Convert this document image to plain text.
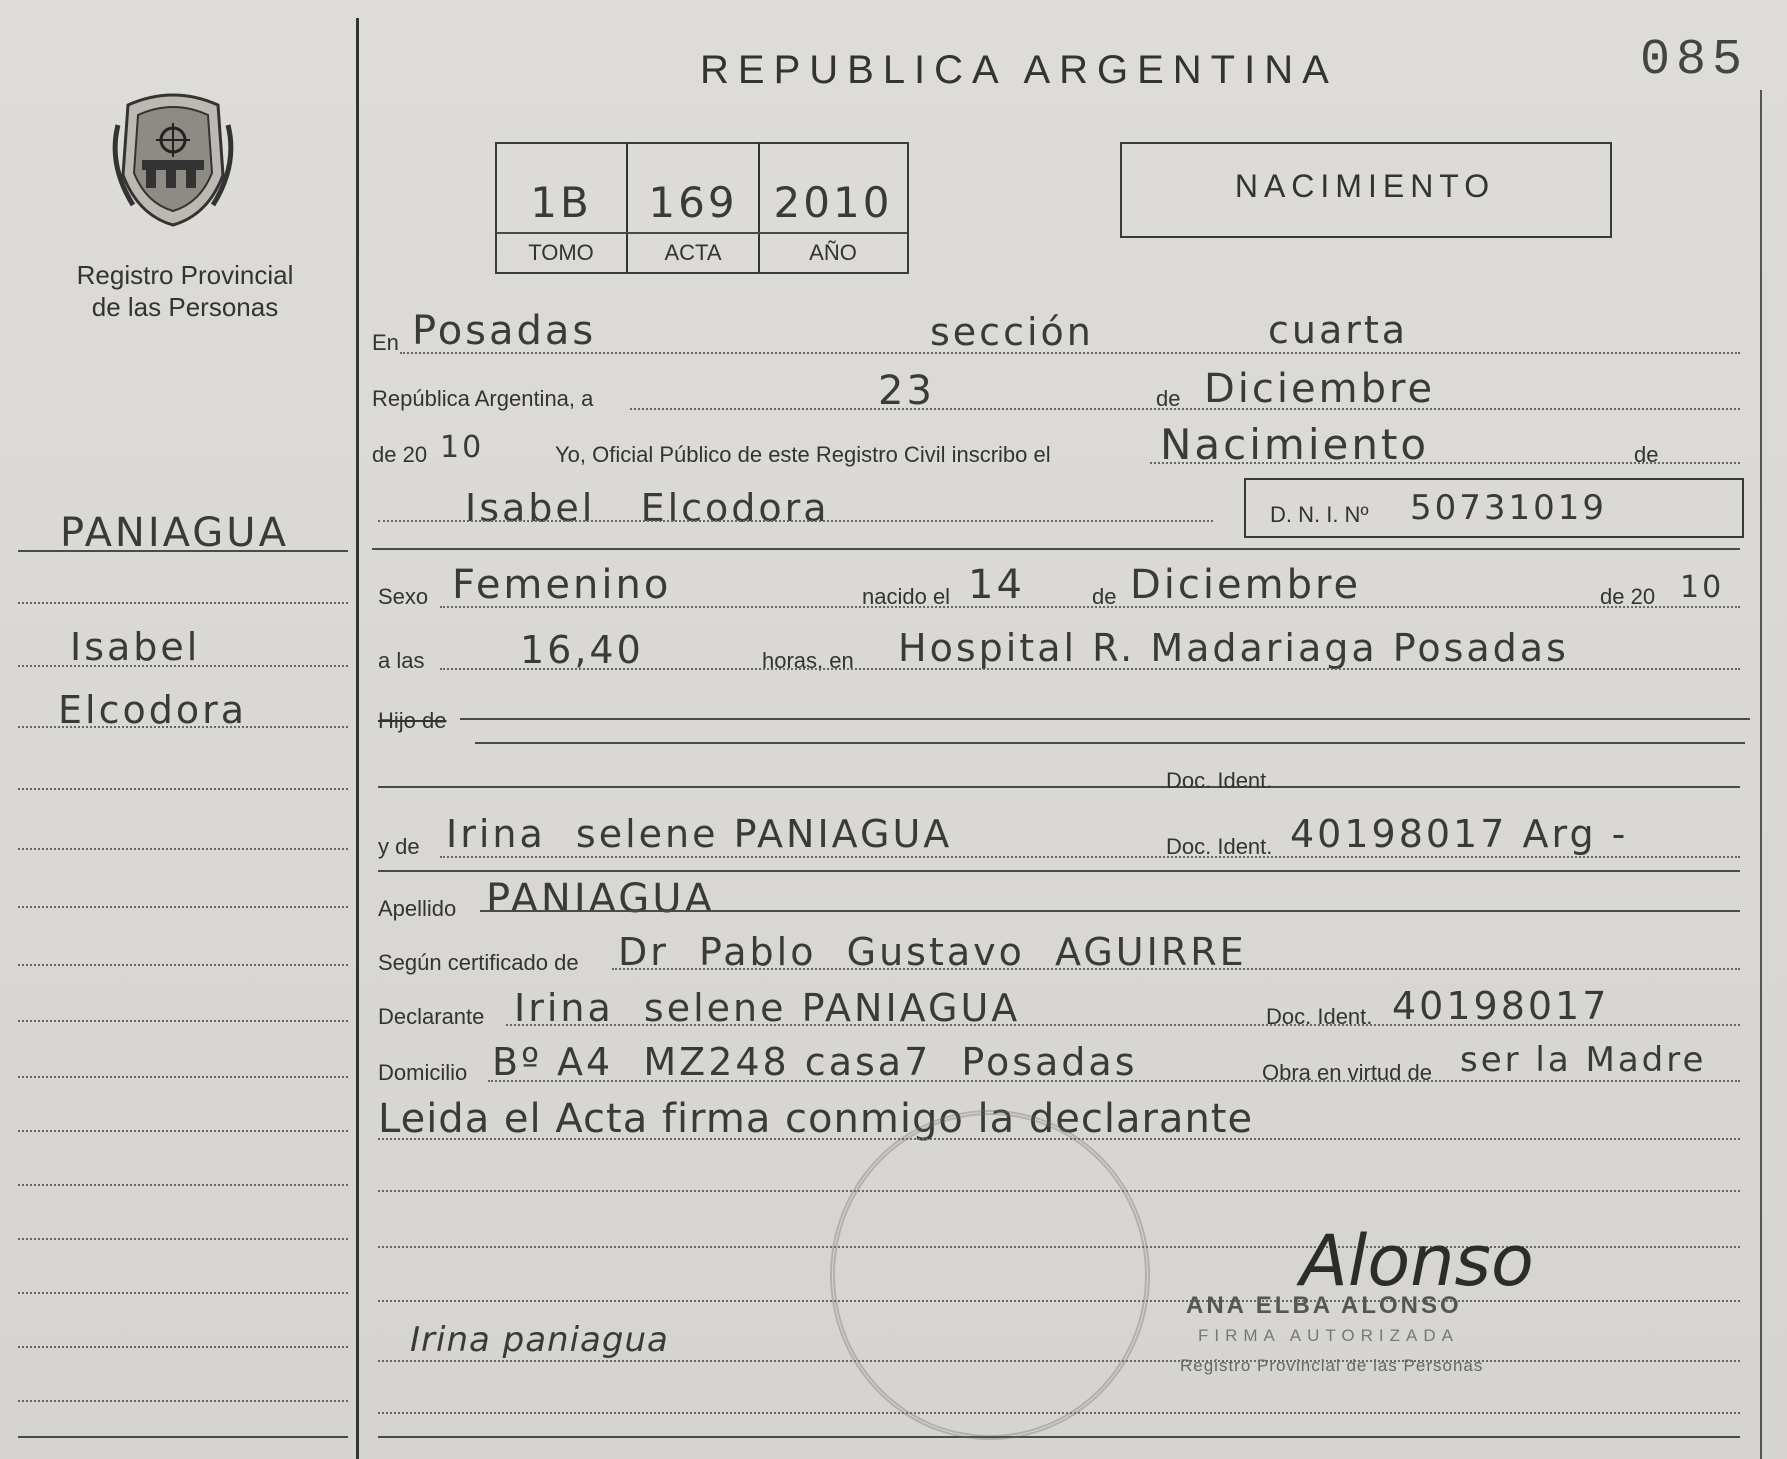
Registro Provincial
de las Personas
REPUBLICA ARGENTINA	085
1B	169 2010
TOMO	ACTA	AÑO
NACIMIENTO
PANIAGUA
Isabel
Elcodora
En Posadas	sección	cuarta
República Argentina, a	23	de Diciembre
de 20 10	Yo, Oficial Público de este Registro Civil inscribo el	Nacimiento	de
Isabel   Elcodora	D. N. I. Nº 50731019
Sexo Femenino	nacido el 14	de Diciembre	de 20 10
a las	16,40	horas, en Hospital R. Madariaga Posadas
Hijo de
Doc. Ident.
y de Irina  selene PANIAGUA	Doc. Ident. 40198017 Arg -
Apellido PANIAGUA
Según certificado de Dr  Pablo  Gustavo  AGUIRRE
Declarante Irina  selene PANIAGUA	Doc. Ident. 40198017
Domicilio Bº A4  MZ248 casa7  Posadas	Obra en virtud de ser la Madre
Leida el Acta firma conmigo la declarante
Irina paniagua
Alonso
ANA ELBA ALONSO
FIRMA AUTORIZADA
Registro Provincial de las Personas
